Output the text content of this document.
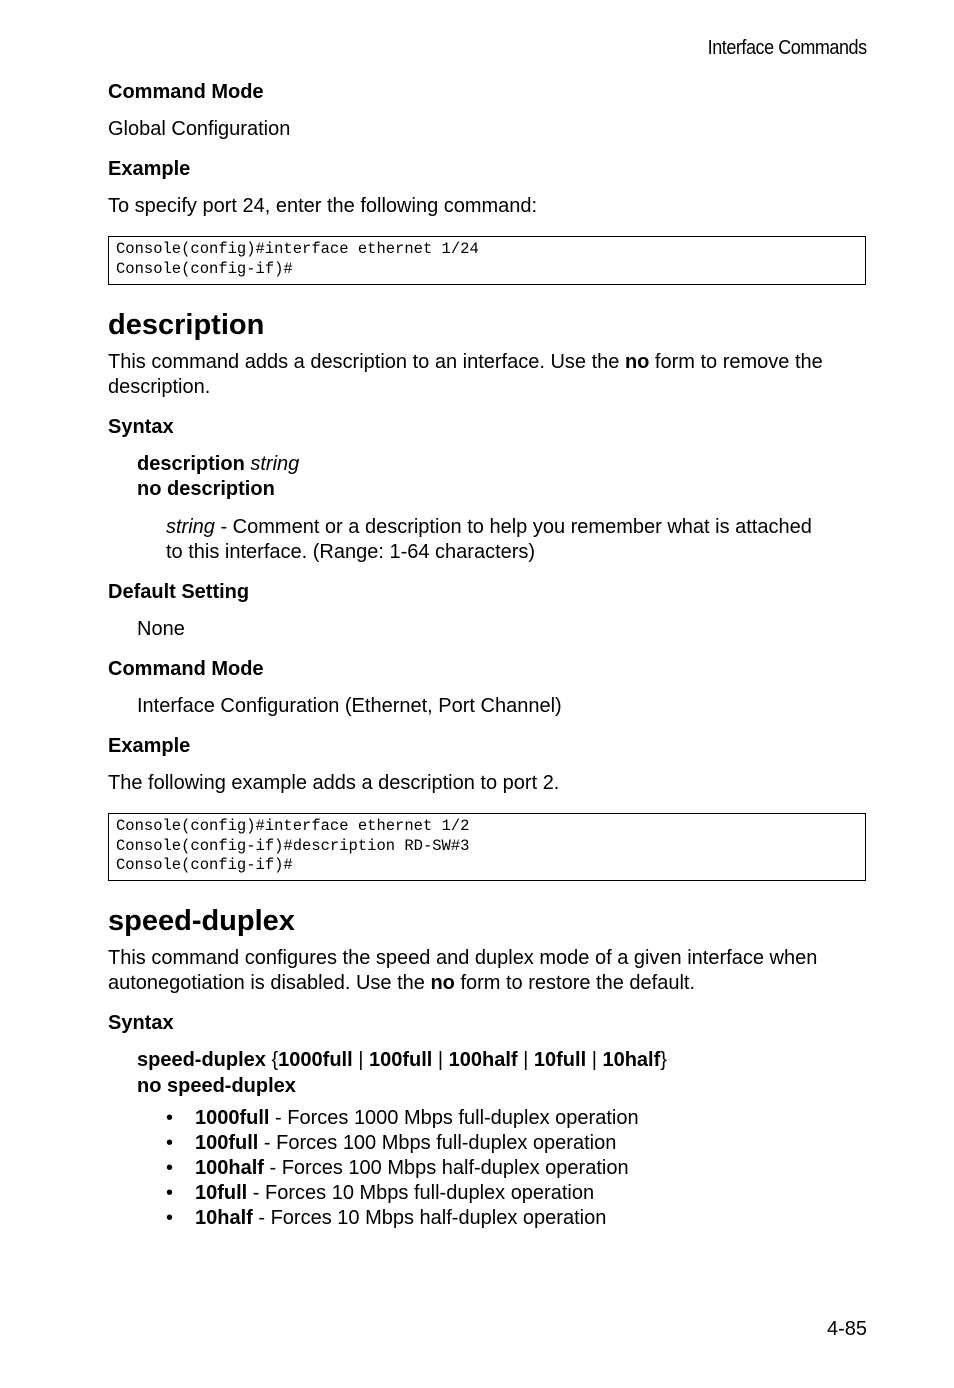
Interface Commands
Command Mode
Global Configuration
Example
To specify port 24, enter the following command:
Console(config)#interface ethernet 1/24
Console(config-if)#
description
This command adds a description to an interface. Use the no form to remove the
description.
Syntax
description string
no description
string - Comment or a description to help you remember what is attached
to this interface. (Range: 1-64 characters)
Default Setting
None
Command Mode
Interface Configuration (Ethernet, Port Channel)
Example
The following example adds a description to port 2.
Console(config)#interface ethernet 1/2
Console(config-if)#description RD-SW#3
Console(config-if)#
speed-duplex
This command configures the speed and duplex mode of a given interface when
autonegotiation is disabled. Use the no form to restore the default.
Syntax
speed-duplex {1000full | 100full | 100half | 10full | 10half}
no speed-duplex
• 1000full - Forces 1000 Mbps full-duplex operation
• 100full - Forces 100 Mbps full-duplex operation
• 100half - Forces 100 Mbps half-duplex operation
• 10full - Forces 10 Mbps full-duplex operation
• 10half - Forces 10 Mbps half-duplex operation
4-85
